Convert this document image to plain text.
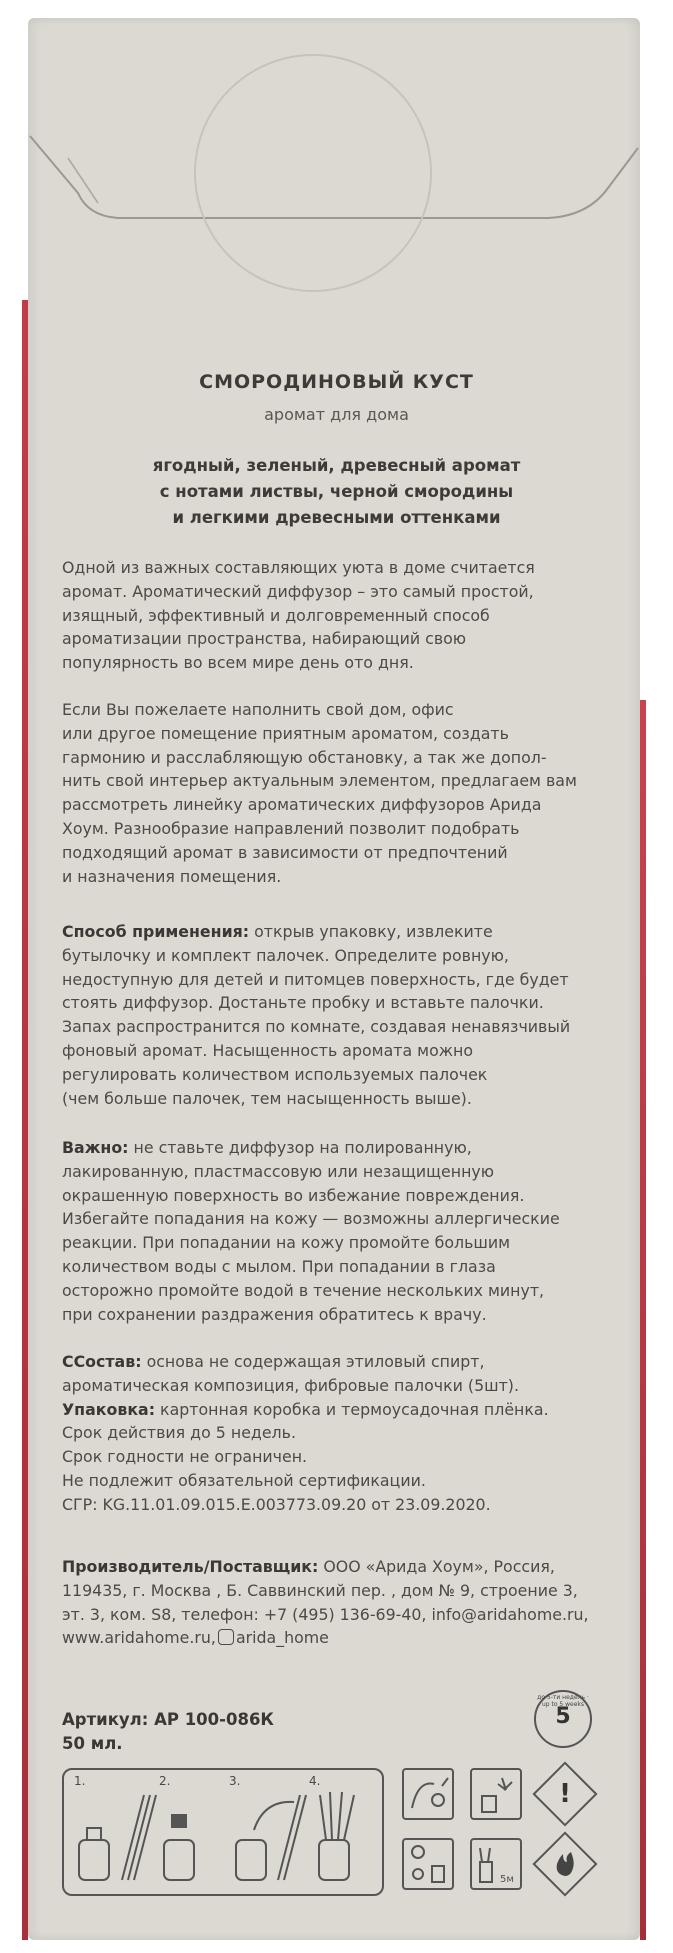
СМОРОДИНОВЫЙ КУСТ
аромат для дома
ягодный, зеленый, древесный аромат
с нотами листвы, черной смородины
и легкими древесными оттенками

Одной из важных составляющих уюта в доме считается
аромат. Ароматический диффузор – это самый простой,
изящный, эффективный и долговременный способ
ароматизации пространства, набирающий свою
популярность во всем мире день ото дня.

Если Вы пожелаете наполнить свой дом, офис
или другое помещение приятным ароматом, создать
гармонию и расслабляющую обстановку, а так же допол-
нить свой интерьер актуальным элементом, предлагаем вам
рассмотреть линейку ароматических диффузоров Арида
Хоум. Разнообразие направлений позволит подобрать
подходящий аромат в зависимости от предпочтений
и назначения помещения.

Способ применения: открыв упаковку, извлеките
бутылочку и комплект палочек. Определите ровную,
недоступную для детей и питомцев поверхность, где будет
стоять диффузор. Достаньте пробку и вставьте палочки.
Запах распространится по комнате, создавая ненавязчивый
фоновый аромат. Насыщенность аромата можно
регулировать количеством используемых палочек
(чем больше палочек, тем насыщенность выше).

Важно: не ставьте диффузор на полированную,
лакированную, пластмассовую или незащищенную
окрашенную поверхность во избежание повреждения.
Избегайте попадания на кожу — возможны аллергические
реакции. При попадании на кожу промойте большим
количеством воды с мылом. При попадании в глаза
осторожно промойте водой в течение нескольких минут,
при сохранении раздражения обратитесь к врачу.

ССостав: основа не содержащая этиловый спирт,
ароматическая композиция, фибровые палочки (5шт).

Упаковка: картонная коробка и термоусадочная плёнка.

Срок действия до 5 недель.

Срок годности не ограничен.

Не подлежит обязательной сертификации.

СГР: KG.11.01.09.015.E.003773.09.20 от 23.09.2020.

Производитель/Поставщик: ООО «Арида Хоум», Россия,
119435, г. Москва , Б. Саввинский пер. , дом № 9, строение 3,
эт. 3, ком. S8, телефон: +7 (495) 136-69-40, info@aridahome.ru,
www.aridahome.ru, arida_home

Артикул: АР 100-086К
50 мл.
до 5-ти недель · up to 5 weeks
5
1.	2.	3.	4.
5м
!
